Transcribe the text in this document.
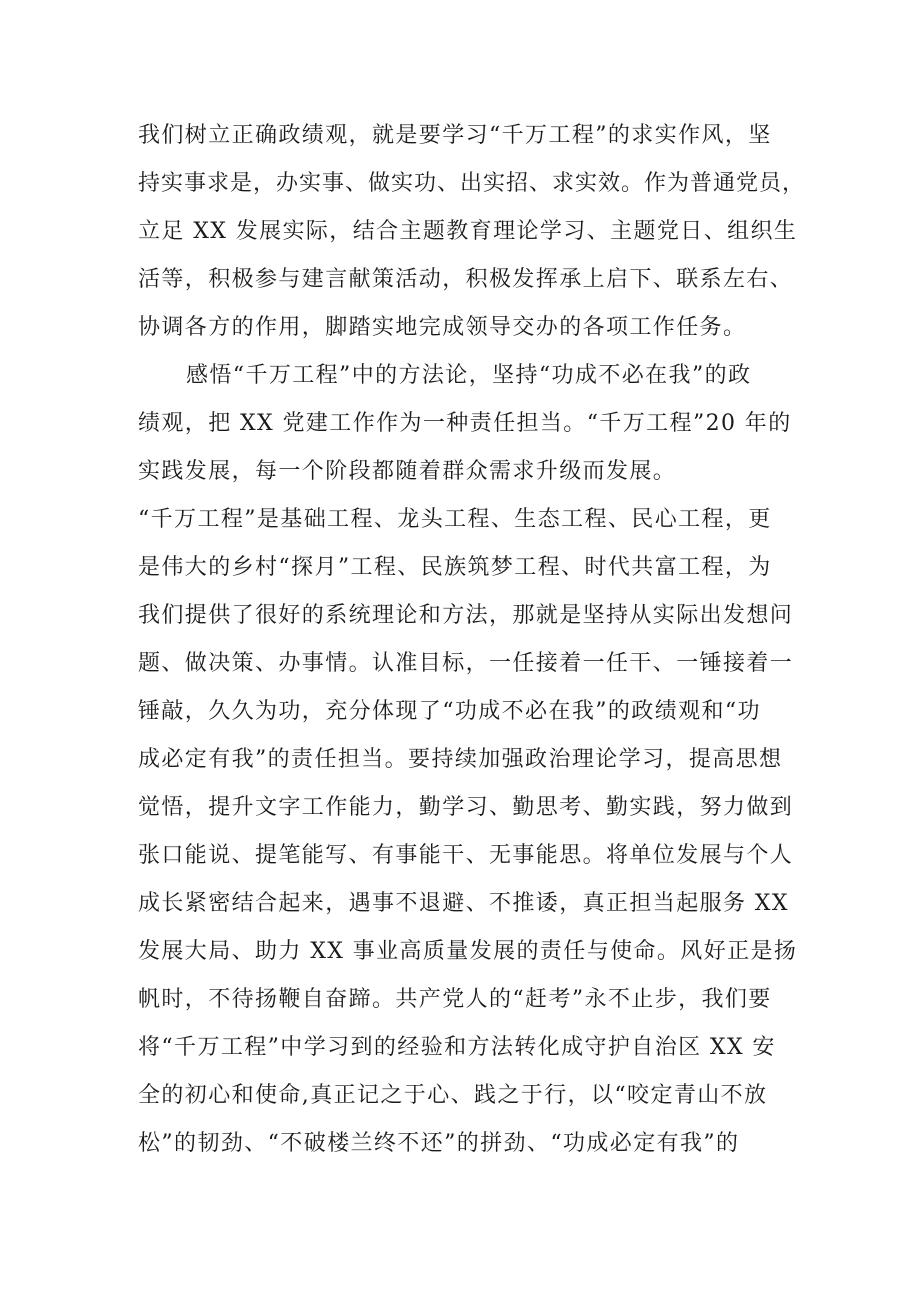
我们树立正确政绩观，就是要学习“千万工程”的求实作风，坚

持实事求是，办实事、做实功、出实招、求实效。作为普通党员，

立足 XX 发展实际，结合主题教育理论学习、主题党日、组织生

活等，积极参与建言献策活动，积极发挥承上启下、联系左右、

协调各方的作用，脚踏实地完成领导交办的各项工作任务。

感悟“千万工程”中的方法论，坚持“功成不必在我”的政

绩观，把 XX 党建工作作为一种责任担当。“千万工程”20 年的

实践发展，每一个阶段都随着群众需求升级而发展。

“千万工程”是基础工程、龙头工程、生态工程、民心工程，更

是伟大的乡村“探月”工程、民族筑梦工程、时代共富工程，为

我们提供了很好的系统理论和方法，那就是坚持从实际出发想问

题、做决策、办事情。认准目标，一任接着一任干、一锤接着一

锤敲，久久为功，充分体现了“功成不必在我”的政绩观和“功

成必定有我”的责任担当。要持续加强政治理论学习，提高思想

觉悟，提升文字工作能力，勤学习、勤思考、勤实践，努力做到

张口能说、提笔能写、有事能干、无事能思。将单位发展与个人

成长紧密结合起来，遇事不退避、不推诿，真正担当起服务 XX

发展大局、助力 XX 事业高质量发展的责任与使命。风好正是扬

帆时，不待扬鞭自奋蹄。共产党人的“赶考”永不止步，我们要

将“千万工程”中学习到的经验和方法转化成守护自治区 XX 安

全的初心和使命,真正记之于心、践之于行，以“咬定青山不放

松”的韧劲、“不破楼兰终不还”的拼劲、“功成必定有我”的
